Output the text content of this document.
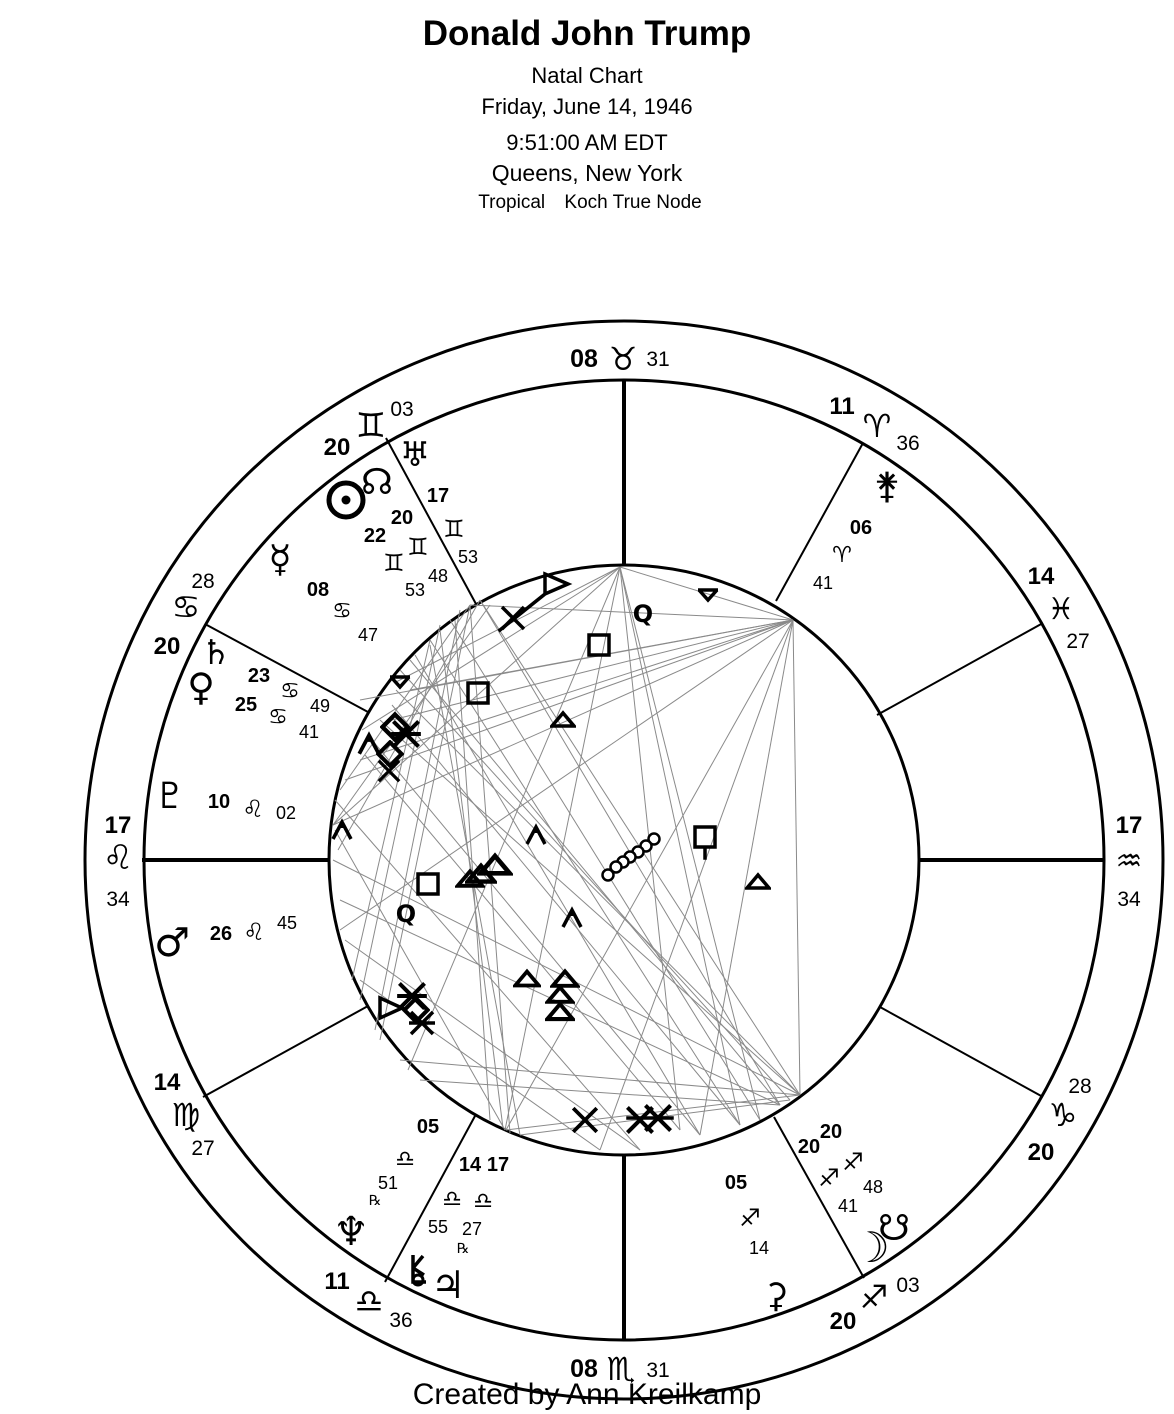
Donald John Trump
Natal Chart
Friday, June 14, 1946
9:51:00 AM EDT
Queens, New York
Tropical Koch True Node
Q
Q
17
♌
34
20
♋
28
20
♊ 03
08 ♉ 31
11
♈ 36
14
♓
27
17
♒
34
28
♑
20
03
♐
20
08 ♏ 31
11
♎
36
14
♍
27
♅
17
♊
53
☊
20
♊
48
22
♊
53
☿
08
♋
47
♄
23
♋
49
♀ 25 ♋
41
♇ 10 ♌ 02
♂ 26 ♌ 45
05
♎
51
℞
♆
14
♎
55
17
♎
27
℞
♃
05
♐
14
⚳
20
♐
41
☽
20
♐
48
☋
⚵
06
♈
41
Created by Ann Kreilkamp
